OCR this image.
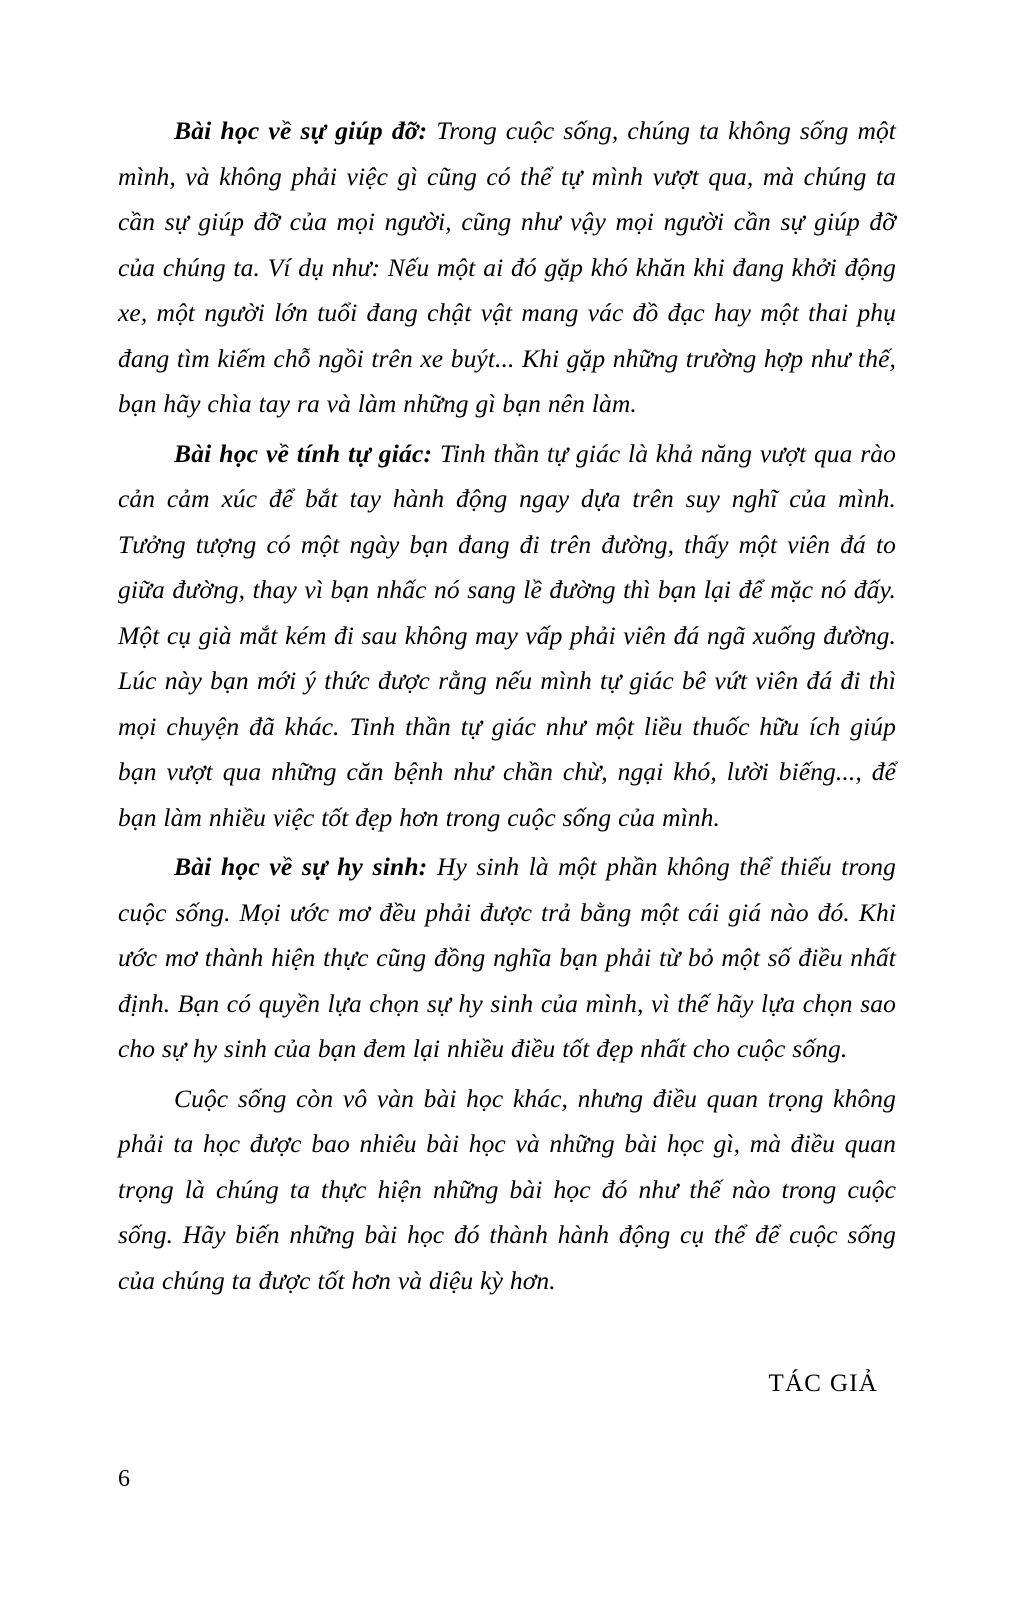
Bài học về sự giúp đỡ: Trong cuộc sống, chúng ta không sống một mình, và không phải việc gì cũng có thể tự mình vượt qua, mà chúng ta cần sự giúp đỡ của mọi người, cũng như vậy mọi người cần sự giúp đỡ của chúng ta. Ví dụ như: Nếu một ai đó gặp khó khăn khi đang khởi động xe, một người lớn tuổi đang chật vật mang vác đồ đạc hay một thai phụ đang tìm kiếm chỗ ngồi trên xe buýt... Khi gặp những trường hợp như thế, bạn hãy chìa tay ra và làm những gì bạn nên làm.

Bài học về tính tự giác: Tinh thần tự giác là khả năng vượt qua rào cản cảm xúc để bắt tay hành động ngay dựa trên suy nghĩ của mình. Tưởng tượng có một ngày bạn đang đi trên đường, thấy một viên đá to giữa đường, thay vì bạn nhấc nó sang lề đường thì bạn lại để mặc nó đấy. Một cụ già mắt kém đi sau không may vấp phải viên đá ngã xuống đường. Lúc này bạn mới ý thức được rằng nếu mình tự giác bê vứt viên đá đi thì mọi chuyện đã khác. Tinh thần tự giác như một liều thuốc hữu ích giúp bạn vượt qua những căn bệnh như chần chừ, ngại khó, lười biếng..., để bạn làm nhiều việc tốt đẹp hơn trong cuộc sống của mình.

Bài học về sự hy sinh: Hy sinh là một phần không thể thiếu trong cuộc sống. Mọi ước mơ đều phải được trả bằng một cái giá nào đó. Khi ước mơ thành hiện thực cũng đồng nghĩa bạn phải từ bỏ một số điều nhất định. Bạn có quyền lựa chọn sự hy sinh của mình, vì thế hãy lựa chọn sao cho sự hy sinh của bạn đem lại nhiều điều tốt đẹp nhất cho cuộc sống.

Cuộc sống còn vô vàn bài học khác, nhưng điều quan trọng không phải ta học được bao nhiêu bài học và những bài học gì, mà điều quan trọng là chúng ta thực hiện những bài học đó như thế nào trong cuộc sống. Hãy biến những bài học đó thành hành động cụ thể để cuộc sống của chúng ta được tốt hơn và diệu kỳ hơn.

TÁC GIẢ
6
